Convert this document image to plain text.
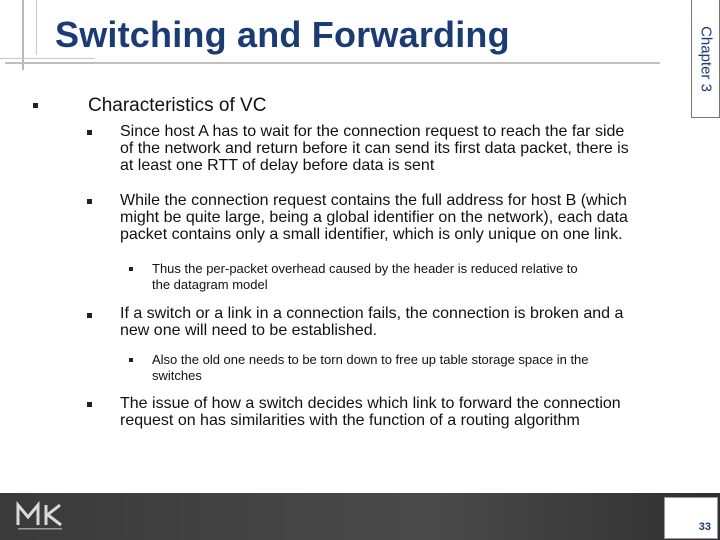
Switching and Forwarding	Chapter 3
Characteristics of VC
Since host A has to wait for the connection request to reach the far side
of the network and return before it can send its first data packet, there is
at least one RTT of delay before data is sent
While the connection request contains the full address for host B (which
might be quite large, being a global identifier on the network), each data
packet contains only a small identifier, which is only unique on one link.
Thus the per-packet overhead caused by the header is reduced relative to
the datagram model
If a switch or a link in a connection fails, the connection is broken and a
new one will need to be established.
Also the old one needs to be torn down to free up table storage space in the
switches
The issue of how a switch decides which link to forward the connection
request on has similarities with the function of a routing algorithm
33
